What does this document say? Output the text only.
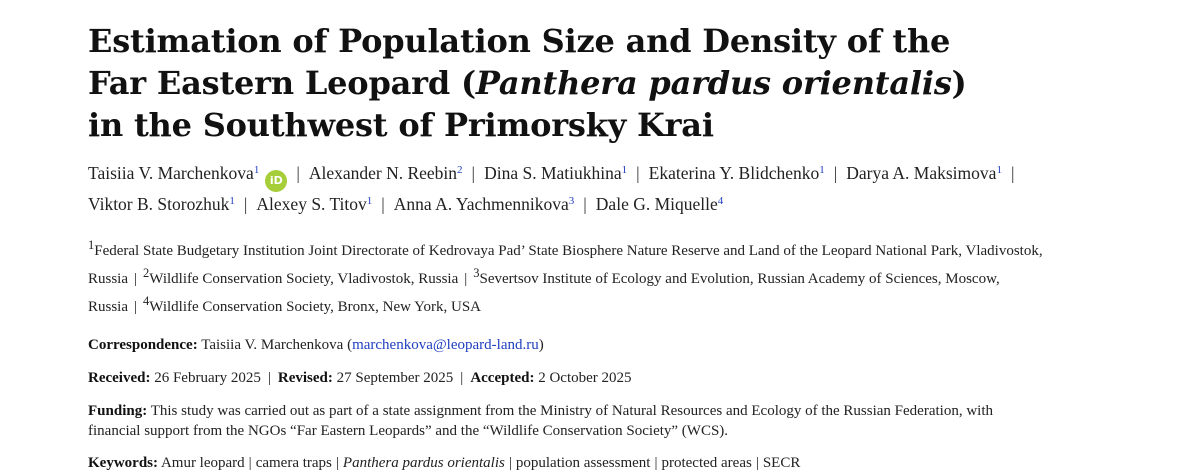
Estimation of Population Size and Density of the
Far Eastern Leopard (Panthera pardus orientalis)
in the Southwest of Primorsky Krai
Taisiia V. Marchenkova$^1$iD | Alexander N. Reebin$^2$ | Dina S. Matiukhina$^1$ | Ekaterina Y. Blidchenko$^1$ | Darya A. Maksimova$^1$ |
Viktor B. Storozhuk$^1$ | Alexey S. Titov$^1$ | Anna A. Yachmennikova$^3$ | Dale G. Miquelle$^4$
$^1$Federal State Budgetary Institution Joint Directorate of Kedrovaya Pad’ State Biosphere Nature Reserve and Land of the Leopard National Park, Vladivostok,
Russia | $^2$Wildlife Conservation Society, Vladivostok, Russia | $^3$Severtsov Institute of Ecology and Evolution, Russian Academy of Sciences, Moscow,
Russia | $^4$Wildlife Conservation Society, Bronx, New York, USA
Correspondence: Taisiia V. Marchenkova (marchenkova@leopard-land.ru)
Received: 26 February 2025 | Revised: 27 September 2025 | Accepted: 2 October 2025
Funding: This study was carried out as part of a state assignment from the Ministry of Natural Resources and Ecology of the Russian Federation, with
financial support from the NGOs “Far Eastern Leopards” and the “Wildlife Conservation Society” (WCS).
Keywords: Amur leopard | camera traps | Panthera pardus orientalis | population assessment | protected areas | SECR
